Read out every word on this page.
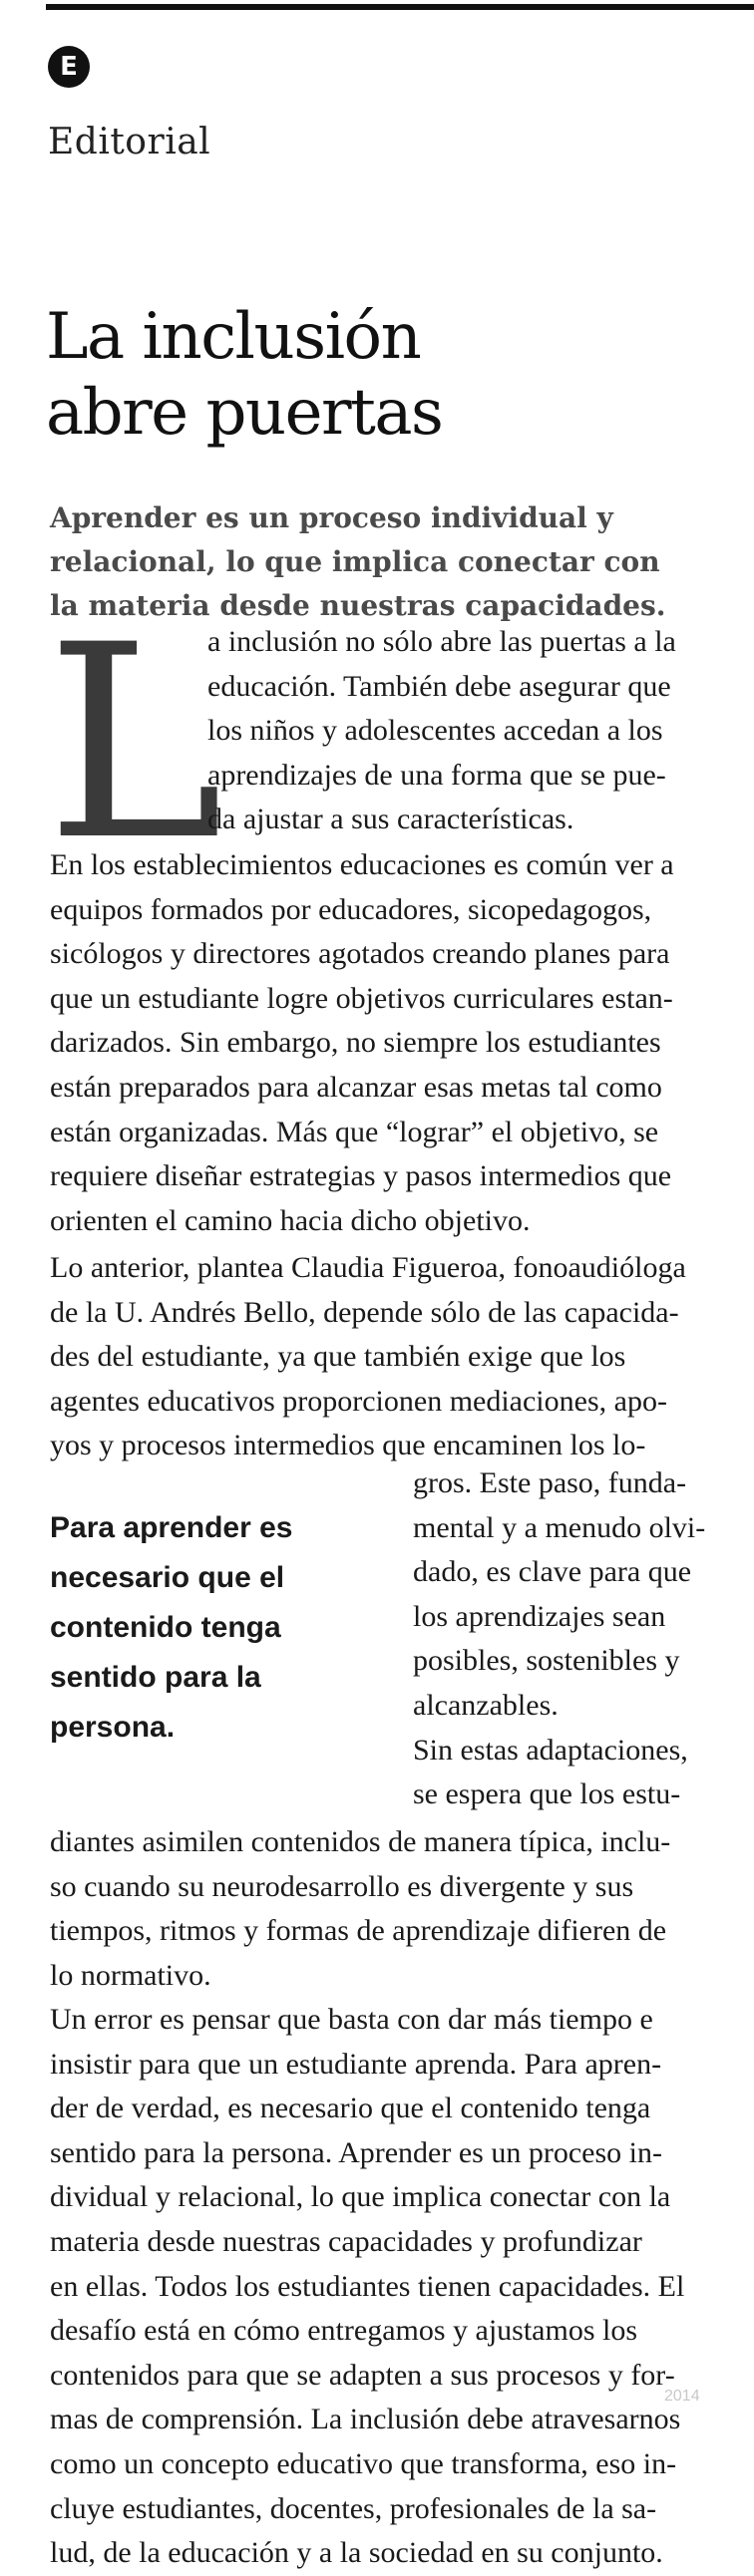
E
Editorial
La inclusión
abre puertas

Aprender es un proceso individual y
relacional, lo que implica conectar con
la materia desde nuestras capacidades.

L

a inclusión no sólo abre las puertas a la
educación. También debe asegurar que
los niños y adolescentes accedan a los
aprendizajes de una forma que se pue-
da ajustar a sus características.

En los establecimientos educaciones es común ver a
equipos formados por educadores, sicopedagogos,
sicólogos y directores agotados creando planes para
que un estudiante logre objetivos curriculares estan-
darizados. Sin embargo, no siempre los estudiantes
están preparados para alcanzar esas metas tal como
están organizadas. Más que “lograr” el objetivo, se
requiere diseñar estrategias y pasos intermedios que
orienten el camino hacia dicho objetivo.

Lo anterior, plantea Claudia Figueroa, fonoaudióloga
de la U. Andrés Bello, depende sólo de las capacida-
des del estudiante, ya que también exige que los
agentes educativos proporcionen mediaciones, apo-
yos y procesos intermedios que encaminen los lo-

Para aprender es
necesario que el
contenido tenga
sentido para la
persona.

gros. Este paso, funda-
mental y a menudo olvi-
dado, es clave para que
los aprendizajes sean
posibles, sostenibles y
alcanzables.
Sin estas adaptaciones,
se espera que los estu-

diantes asimilen contenidos de manera típica, inclu-
so cuando su neurodesarrollo es divergente y sus
tiempos, ritmos y formas de aprendizaje difieren de
lo normativo.

Un error es pensar que basta con dar más tiempo e
insistir para que un estudiante aprenda. Para apren-
der de verdad, es necesario que el contenido tenga
sentido para la persona. Aprender es un proceso in-
dividual y relacional, lo que implica conectar con la
materia desde nuestras capacidades y profundizar
en ellas. Todos los estudiantes tienen capacidades. El
desafío está en cómo entregamos y ajustamos los
contenidos para que se adapten a sus procesos y for-
mas de comprensión. La inclusión debe atravesarnos
como un concepto educativo que transforma, eso in-
cluye estudiantes, docentes, profesionales de la sa-
lud, de la educación y a la sociedad en su conjunto.

2014
